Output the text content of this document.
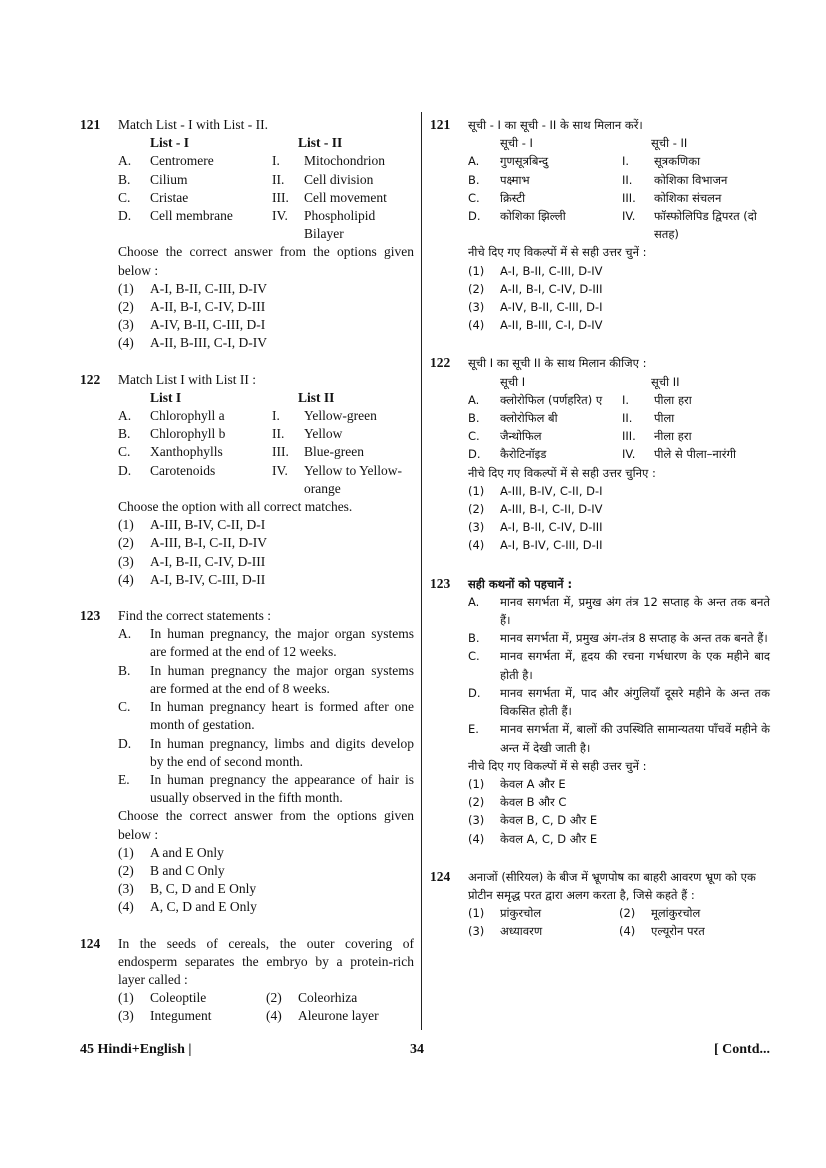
121 Match List - I with List - II.
List - I	List - II
A.	Centromere	I.	Mitochondrion
B.	Cilium	II.	Cell division
C.	Cristae	III.	Cell movement
D.	Cell membrane	IV.	Phospholipid Bilayer
Choose the correct answer from the options given below :
(1)	A-I, B-II, C-III, D-IV
(2)	A-II, B-I, C-IV, D-III
(3)	A-IV, B-II, C-III, D-I
(4)	A-II, B-III, C-I, D-IV
122 Match List I with List II :
List I	List II
A.	Chlorophyll a	I.	Yellow-green
B.	Chlorophyll b	II.	Yellow
C.	Xanthophylls	III.	Blue-green
D.	Carotenoids	IV.	Yellow to Yellow-orange
Choose the option with all correct matches.
(1)	A-III, B-IV, C-II, D-I
(2)	A-III, B-I, C-II, D-IV
(3)	A-I, B-II, C-IV, D-III
(4)	A-I, B-IV, C-III, D-II
123 Find the correct statements :
A.	In human pregnancy, the major organ systems are formed at the end of 12 weeks.
B.	In human pregnancy the major organ systems are formed at the end of 8 weeks.
C.	In human pregnancy heart is formed after one month of gestation.
D.	In human pregnancy, limbs and digits develop by the end of second month.
E.	In human pregnancy the appearance of hair is usually observed in the fifth month.
Choose the correct answer from the options given below :
(1)	A and E Only
(2)	B and C Only
(3)	B, C, D and E Only
(4)	A, C, D and E Only
124 In the seeds of cereals, the outer covering of endosperm separates the embryo by a protein-rich layer called :
(1)	Coleoptile	(2)	Coleorhiza
(3)	Integument	(4)	Aleurone layer
121 सूची - I का सूची - II के साथ मिलान करें।
सूची - I	सूची - II
A.	गुणसूत्रबिन्दु	I.	सूत्रकणिका
B.	पक्ष्माभ	II.	कोशिका विभाजन
C.	क्रिस्टी	III.	कोशिका संचलन
D.	कोशिका झिल्ली	IV.	फॉस्फोलिपिड द्विपरत (दो सतह)
नीचे दिए गए विकल्पों में से सही उत्तर चुनें :
(1)	A-I, B-II, C-III, D-IV
(2)	A-II, B-I, C-IV, D-III
(3)	A-IV, B-II, C-III, D-I
(4)	A-II, B-III, C-I, D-IV
122 सूची I का सूची II के साथ मिलान कीजिए :
सूची I	सूची II
A.	क्लोरोफिल (पर्णहरित) ए	I.	पीला हरा
B.	क्लोरोफिल बी	II.	पीला
C.	जैन्थोफिल	III.	नीला हरा
D.	कैरोटिनॉइड	IV.	पीले से पीला–नारंगी
नीचे दिए गए विकल्पों में से सही उत्तर चुनिए :
(1)	A-III, B-IV, C-II, D-I
(2)	A-III, B-I, C-II, D-IV
(3)	A-I, B-II, C-IV, D-III
(4)	A-I, B-IV, C-III, D-II
123 सही कथनों को पहचानें :
A.	मानव सगर्भता में, प्रमुख अंग तंत्र 12 सप्ताह के अन्त तक बनते हैं।
B.	मानव सगर्भता में, प्रमुख अंग-तंत्र 8 सप्ताह के अन्त तक बनते हैं।
C.	मानव सगर्भता में, हृदय की रचना गर्भधारण के एक महीने बाद होती है।
D.	मानव सगर्भता में, पाद और अंगुलियाँ दूसरे महीने के अन्त तक विकसित होती हैं।
E.	मानव सगर्भता में, बालों की उपस्थिति सामान्यतया पाँचवें महीने के अन्त में देखी जाती है।
नीचे दिए गए विकल्पों में से सही उत्तर चुनें :
(1)	केवल A और E
(2)	केवल B और C
(3)	केवल B, C, D और E
(4)	केवल A, C, D और E
124 अनाजों (सीरियल) के बीज में भ्रूणपोष का बाहरी आवरण भ्रूण को एक प्रोटीन समृद्ध परत द्वारा अलग करता है, जिसे कहते हैं :
(1)	प्रांकुरचोल	(2)	मूलांकुरचोल
(3)	अध्यावरण	(4)	एल्यूरोन परत
45 Hindi+English |	34	[ Contd...
